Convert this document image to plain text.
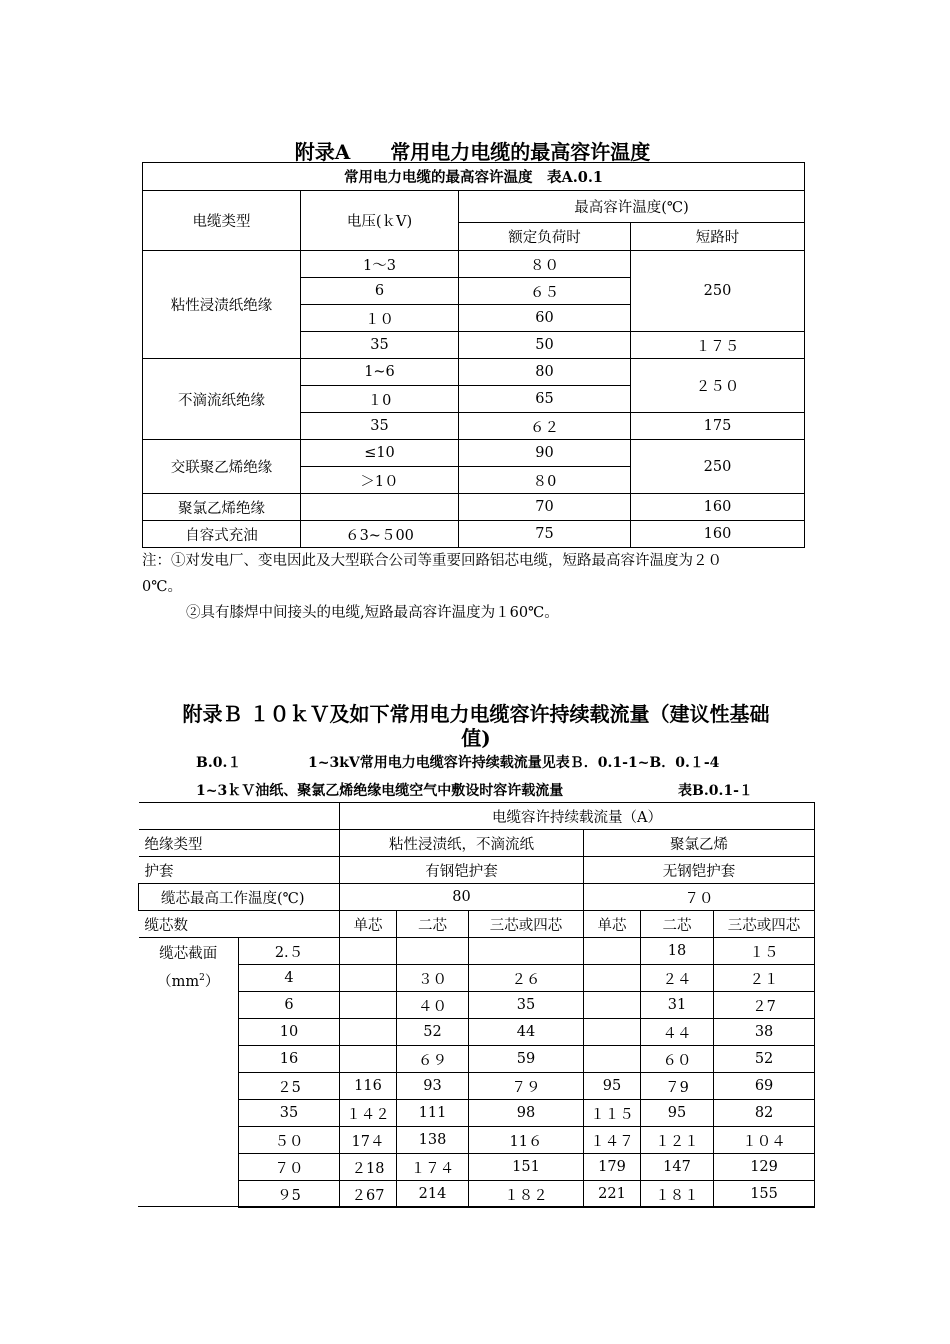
附录A　　常用电力电缆的最高容许温度
常用电力电缆的最高容许温度　表A.0.1			
电缆类型	电压(ｋV)	最高容许温度(℃)	
		额定负荷时	短路时
粘性浸渍纸绝缘	1～3	８０	250
	6	６５	
	１０	60	
	35	50	１７５
不滴流纸绝缘	1~6	80	２５０
	１0	65	
	35	６２	175
交联聚乙烯绝缘	≤10	90	250
	＞1０	８0	
聚氯乙烯绝缘		70	160
自容式充油	６3~５00	75	160
注：①对发电厂、变电因此及大型联合公司等重要回路铝芯电缆，短路最高容许温度为２０
0℃。
②具有膝焊中间接头的电缆,短路最高容许温度为１60℃。
附录Ｂ １０ｋＶ及如下常用电力电缆容许持续载流量（建议性基础
值)
B.0.１	1~3kV常用电力电缆容许持续载流量见表Ｂ．0.1-1~B．0.１-4
1~3ｋＶ油纸、聚氯乙烯绝缘电缆空气中敷设时容许载流量	表B.0.1-１
		电缆容许持续载流量（A）					
绝缘类型		粘性浸渍纸，不滴流纸			聚氯乙烯		
护套		有钢铠护套			无钢铠护套		
缆芯最高工作温度(℃)		80			７０		
缆芯数		单芯	二芯	三芯或四芯	单芯	二芯	三芯或四芯

缆芯截面
$(mm^2)$	2.５					18	１５
	4		３０	２６		２４	２１
	6		４０	35		31	２7
	10		52	44		４４	38
	16		６９	59		６０	52
	２5	116	93	７９	95	７9	69
	35	１４２	111	98	１１５	95	82
	５０	17４	138	11６	１４７	１２１	１０４
	７０	２18	１７４	151	179	147	129
	９5	２67	214	１８２	221	１８１	155
